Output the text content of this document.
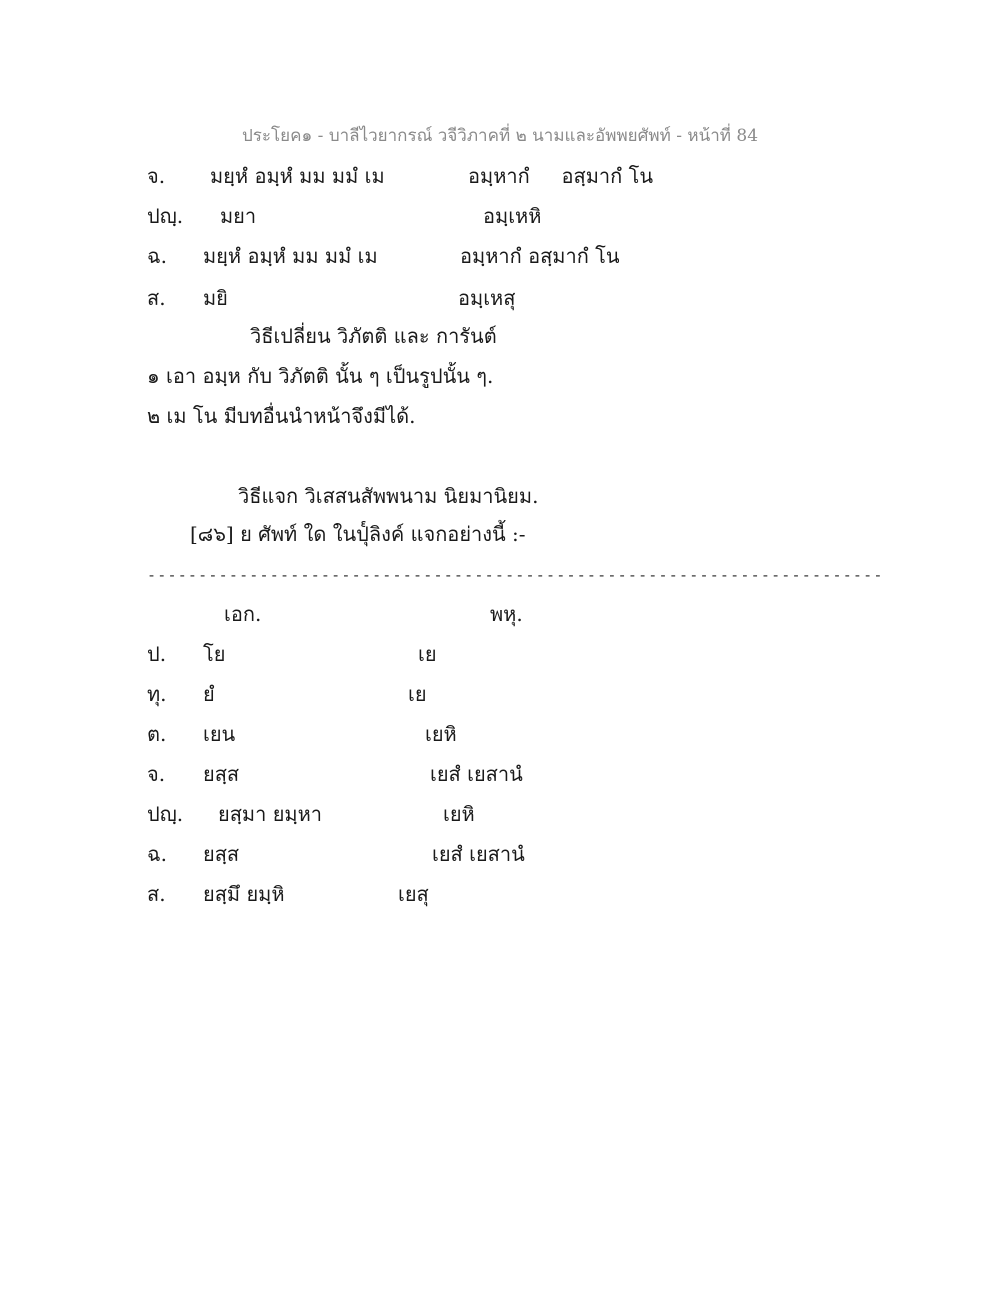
ประโยค๑ - บาลีไวยากรณ์ วจีวิภาคที่ ๒ นามและอัพพยศัพท์ - หน้าที่ 84
จ. มยฺหํ อมฺหํ มม มมํ เม	อมฺหากํ     อสฺมากํ โน
ปญฺ. มยา	อมฺเหหิ
ฉ. มยฺหํ อมฺหํ มม มมํ เม	อมฺหากํ อสฺมากํ โน
ส. มยิ	อมฺเหสุ
วิธีเปลี่ยน วิภัตติ และ การันต์
๑ เอา อมฺห กับ วิภัตติ นั้น ๆ เป็นรูปนั้น ๆ.
๒ เม โน มีบทอื่นนำหน้าจึงมีได้.
วิธีแจก วิเสสนสัพพนาม นิยมานิยม.
[๘๖] ย ศัพท์ ใด ในปุ๎ลิงค์ แจกอย่างนี้ :-
------------------------------------------------------------------------
เอก.	พหุ.
ป. โย	เย
ทุ. ยํ	เย
ต. เยน	เยหิ
จ. ยสฺส	เยสํ เยสานํ
ปญฺ. ยสฺมา ยมฺหา	เยหิ
ฉ. ยสฺส	เยสํ เยสานํ
ส. ยสฺมึ ยมฺหิ	เยสุ
